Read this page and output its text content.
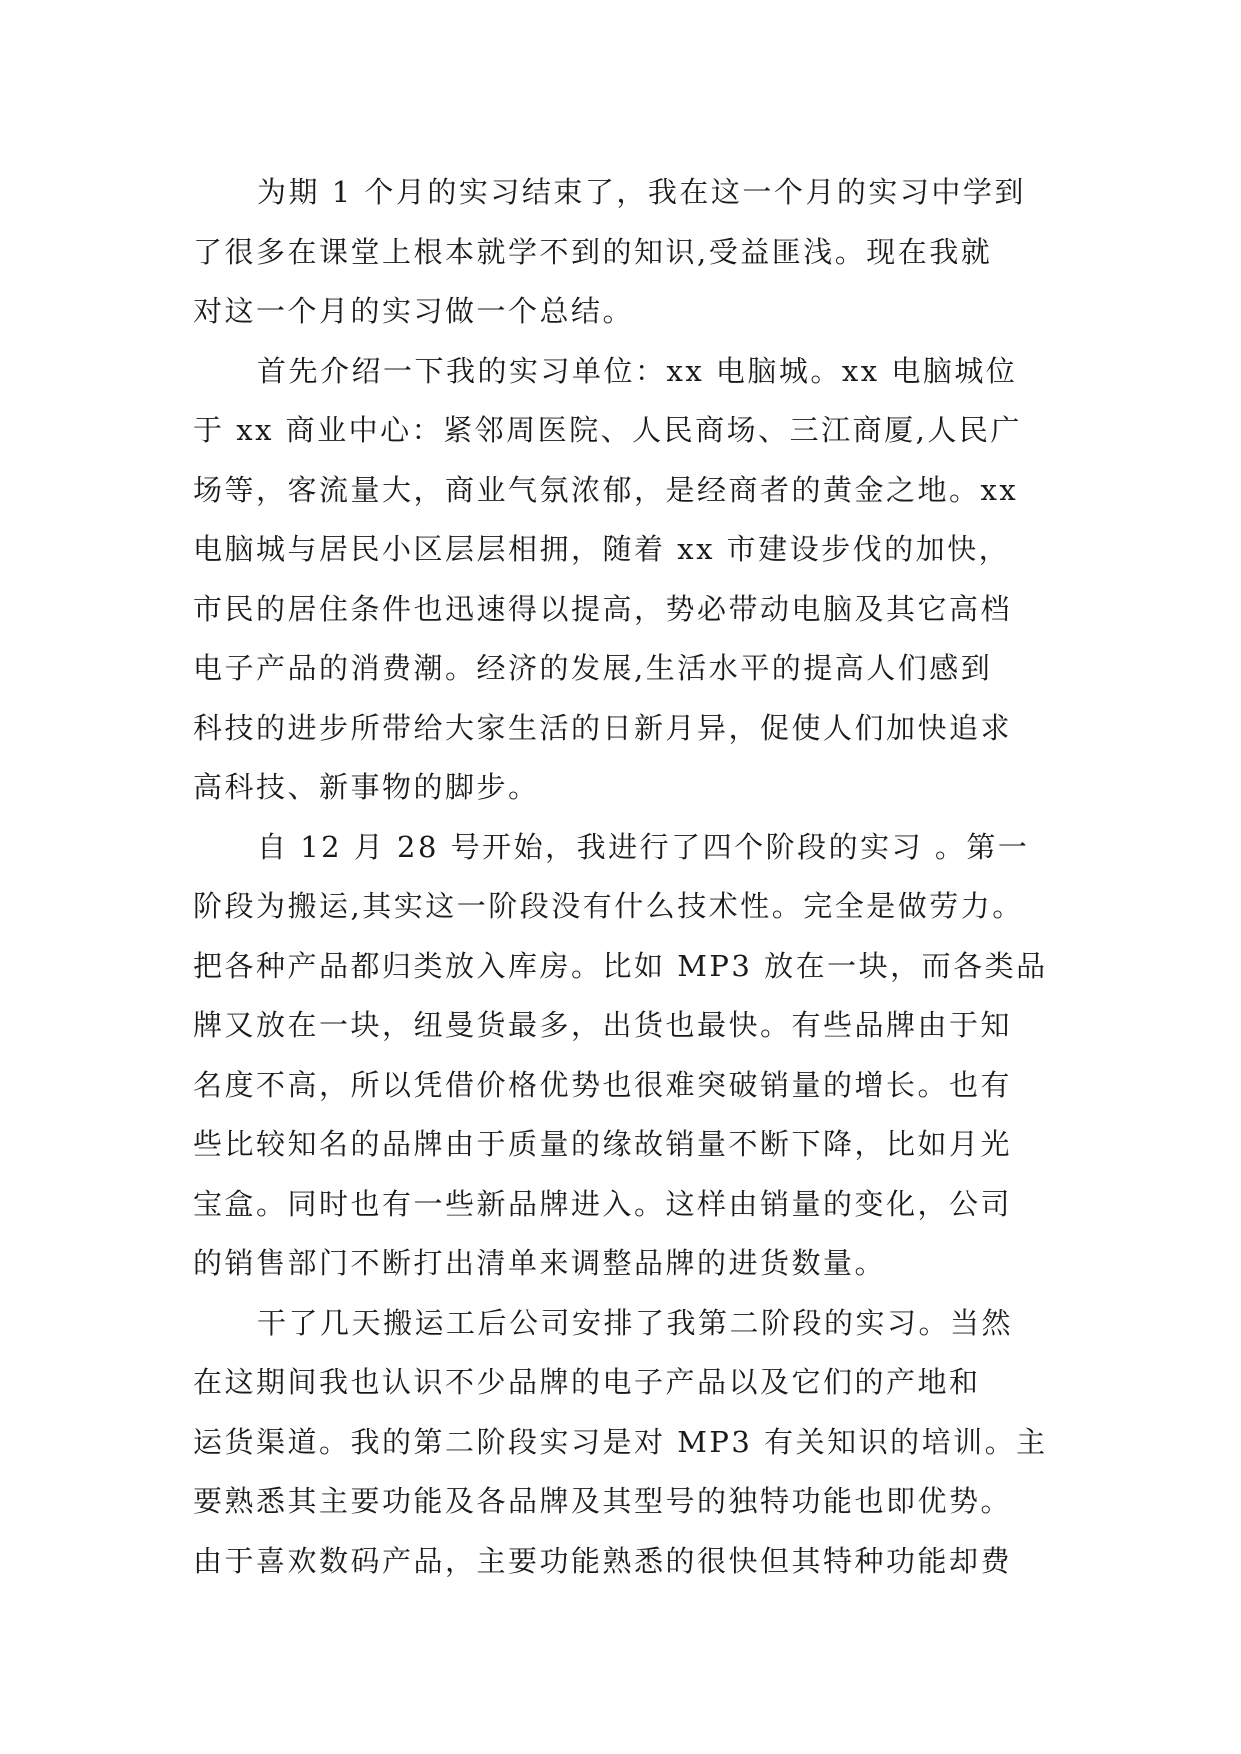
为期 1 个月的实习结束了，我在这一个月的实习中学到
了很多在课堂上根本就学不到的知识,受益匪浅。现在我就
对这一个月的实习做一个总结。

首先介绍一下我的实习单位：xx 电脑城。xx 电脑城位
于 xx 商业中心：紧邻周医院、人民商场、三江商厦,人民广
场等，客流量大，商业气氛浓郁，是经商者的黄金之地。xx
电脑城与居民小区层层相拥，随着 xx 市建设步伐的加快，
市民的居住条件也迅速得以提高，势必带动电脑及其它高档
电子产品的消费潮。经济的发展,生活水平的提高人们感到
科技的进步所带给大家生活的日新月异，促使人们加快追求
高科技、新事物的脚步。

自 12 月 28 号开始，我进行了四个阶段的实习 。第一
阶段为搬运,其实这一阶段没有什么技术性。完全是做劳力。
把各种产品都归类放入库房。比如 MP3 放在一块，而各类品
牌又放在一块，纽曼货最多，出货也最快。有些品牌由于知
名度不高，所以凭借价格优势也很难突破销量的增长。也有
些比较知名的品牌由于质量的缘故销量不断下降，比如月光
宝盒。同时也有一些新品牌进入。这样由销量的变化，公司
的销售部门不断打出清单来调整品牌的进货数量。

干了几天搬运工后公司安排了我第二阶段的实习。当然
在这期间我也认识不少品牌的电子产品以及它们的产地和
运货渠道。我的第二阶段实习是对 MP3 有关知识的培训。主
要熟悉其主要功能及各品牌及其型号的独特功能也即优势。
由于喜欢数码产品，主要功能熟悉的很快但其特种功能却费
